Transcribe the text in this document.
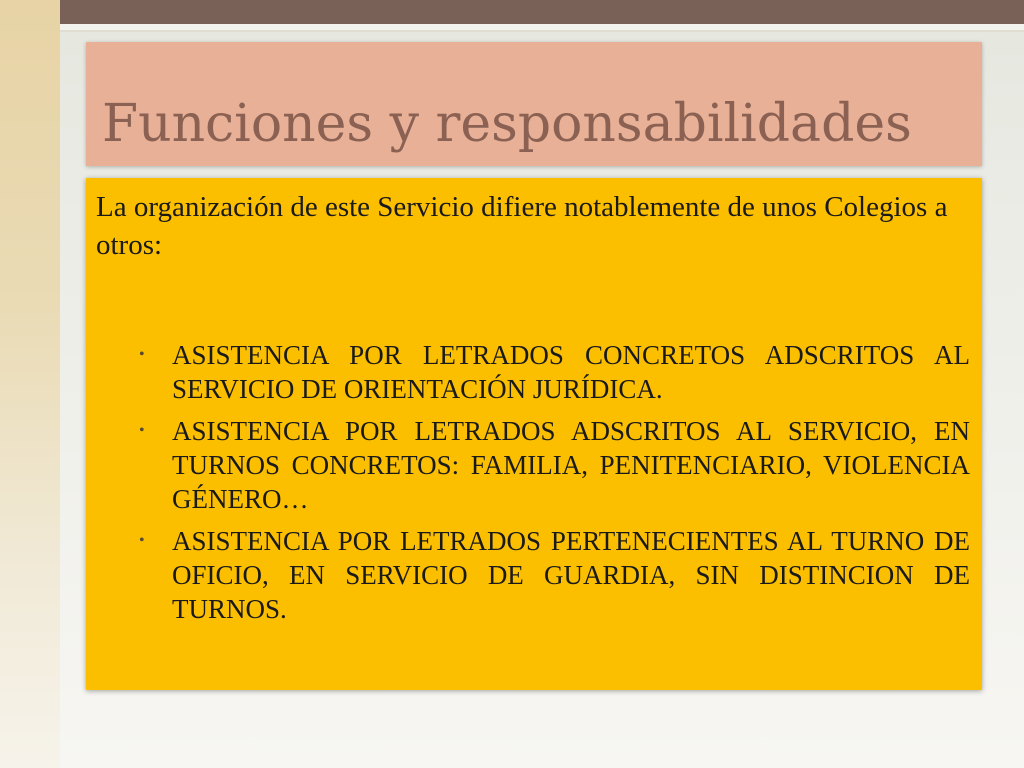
Funciones y responsabilidades
La organización de este Servicio difiere notablemente de unos Colegios a otros:
• ASISTENCIA POR LETRADOS CONCRETOS ADSCRITOS AL SERVICIO DE ORIENTACIÓN JURÍDICA.
• ASISTENCIA POR LETRADOS ADSCRITOS AL SERVICIO, EN TURNOS CONCRETOS: FAMILIA, PENITENCIARIO, VIOLENCIA GÉNERO…
• ASISTENCIA POR LETRADOS PERTENECIENTES AL TURNO DE OFICIO, EN SERVICIO DE GUARDIA, SIN DISTINCION DE TURNOS.
